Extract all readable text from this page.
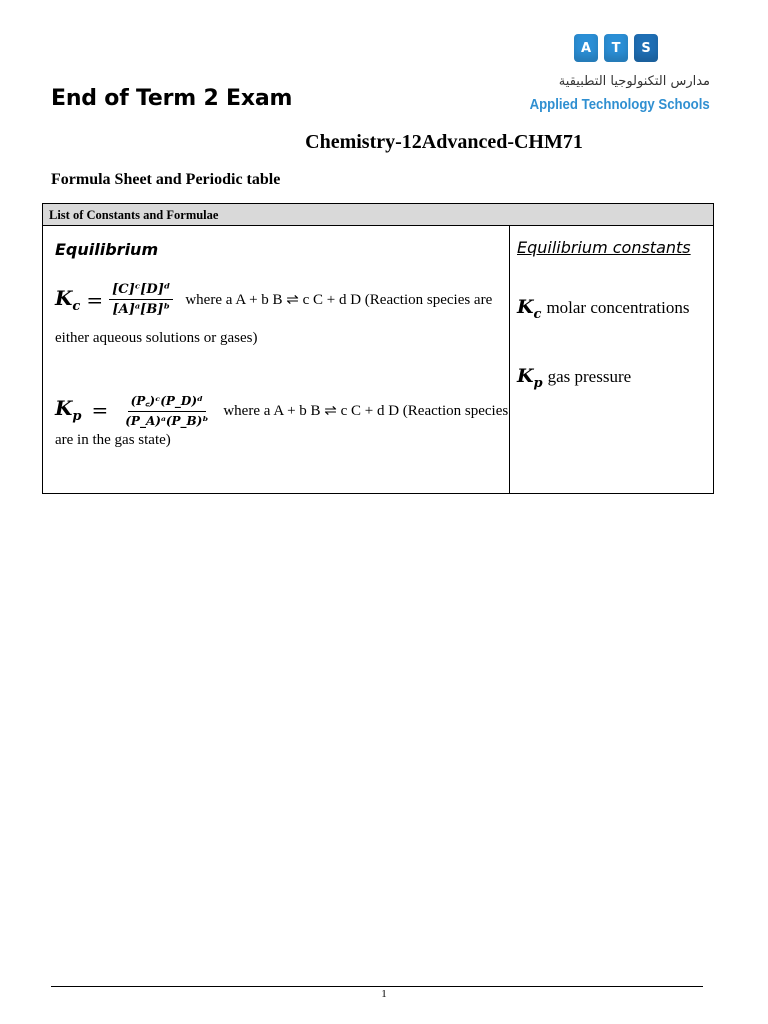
End of Term 2 Exam
A	T	S
مدارس التكنولوجيا التطبيقية
Applied Technology Schools
Chemistry-12Advanced-CHM71
Formula Sheet and Periodic table
List of Constants and Formulae
Equilibrium
$K_c = \frac{\text{[C]ᶜ[D]ᵈ}}{\text{[A]ᵃ[B]ᵇ}}$ where a A + b B ⇌ c C + d D (Reaction species are
either aqueous solutions or gases)
$K_p = \frac{\text{(P꜀)ᶜ(P\_D)ᵈ}}{\text{(P\_A)ᵃ(P\_B)ᵇ}}$ where a A + b B ⇌ c C + d D (Reaction species
are in the gas state)
Equilibrium constants
$K_c$ molar concentrations
$K_p$ gas pressure
1
